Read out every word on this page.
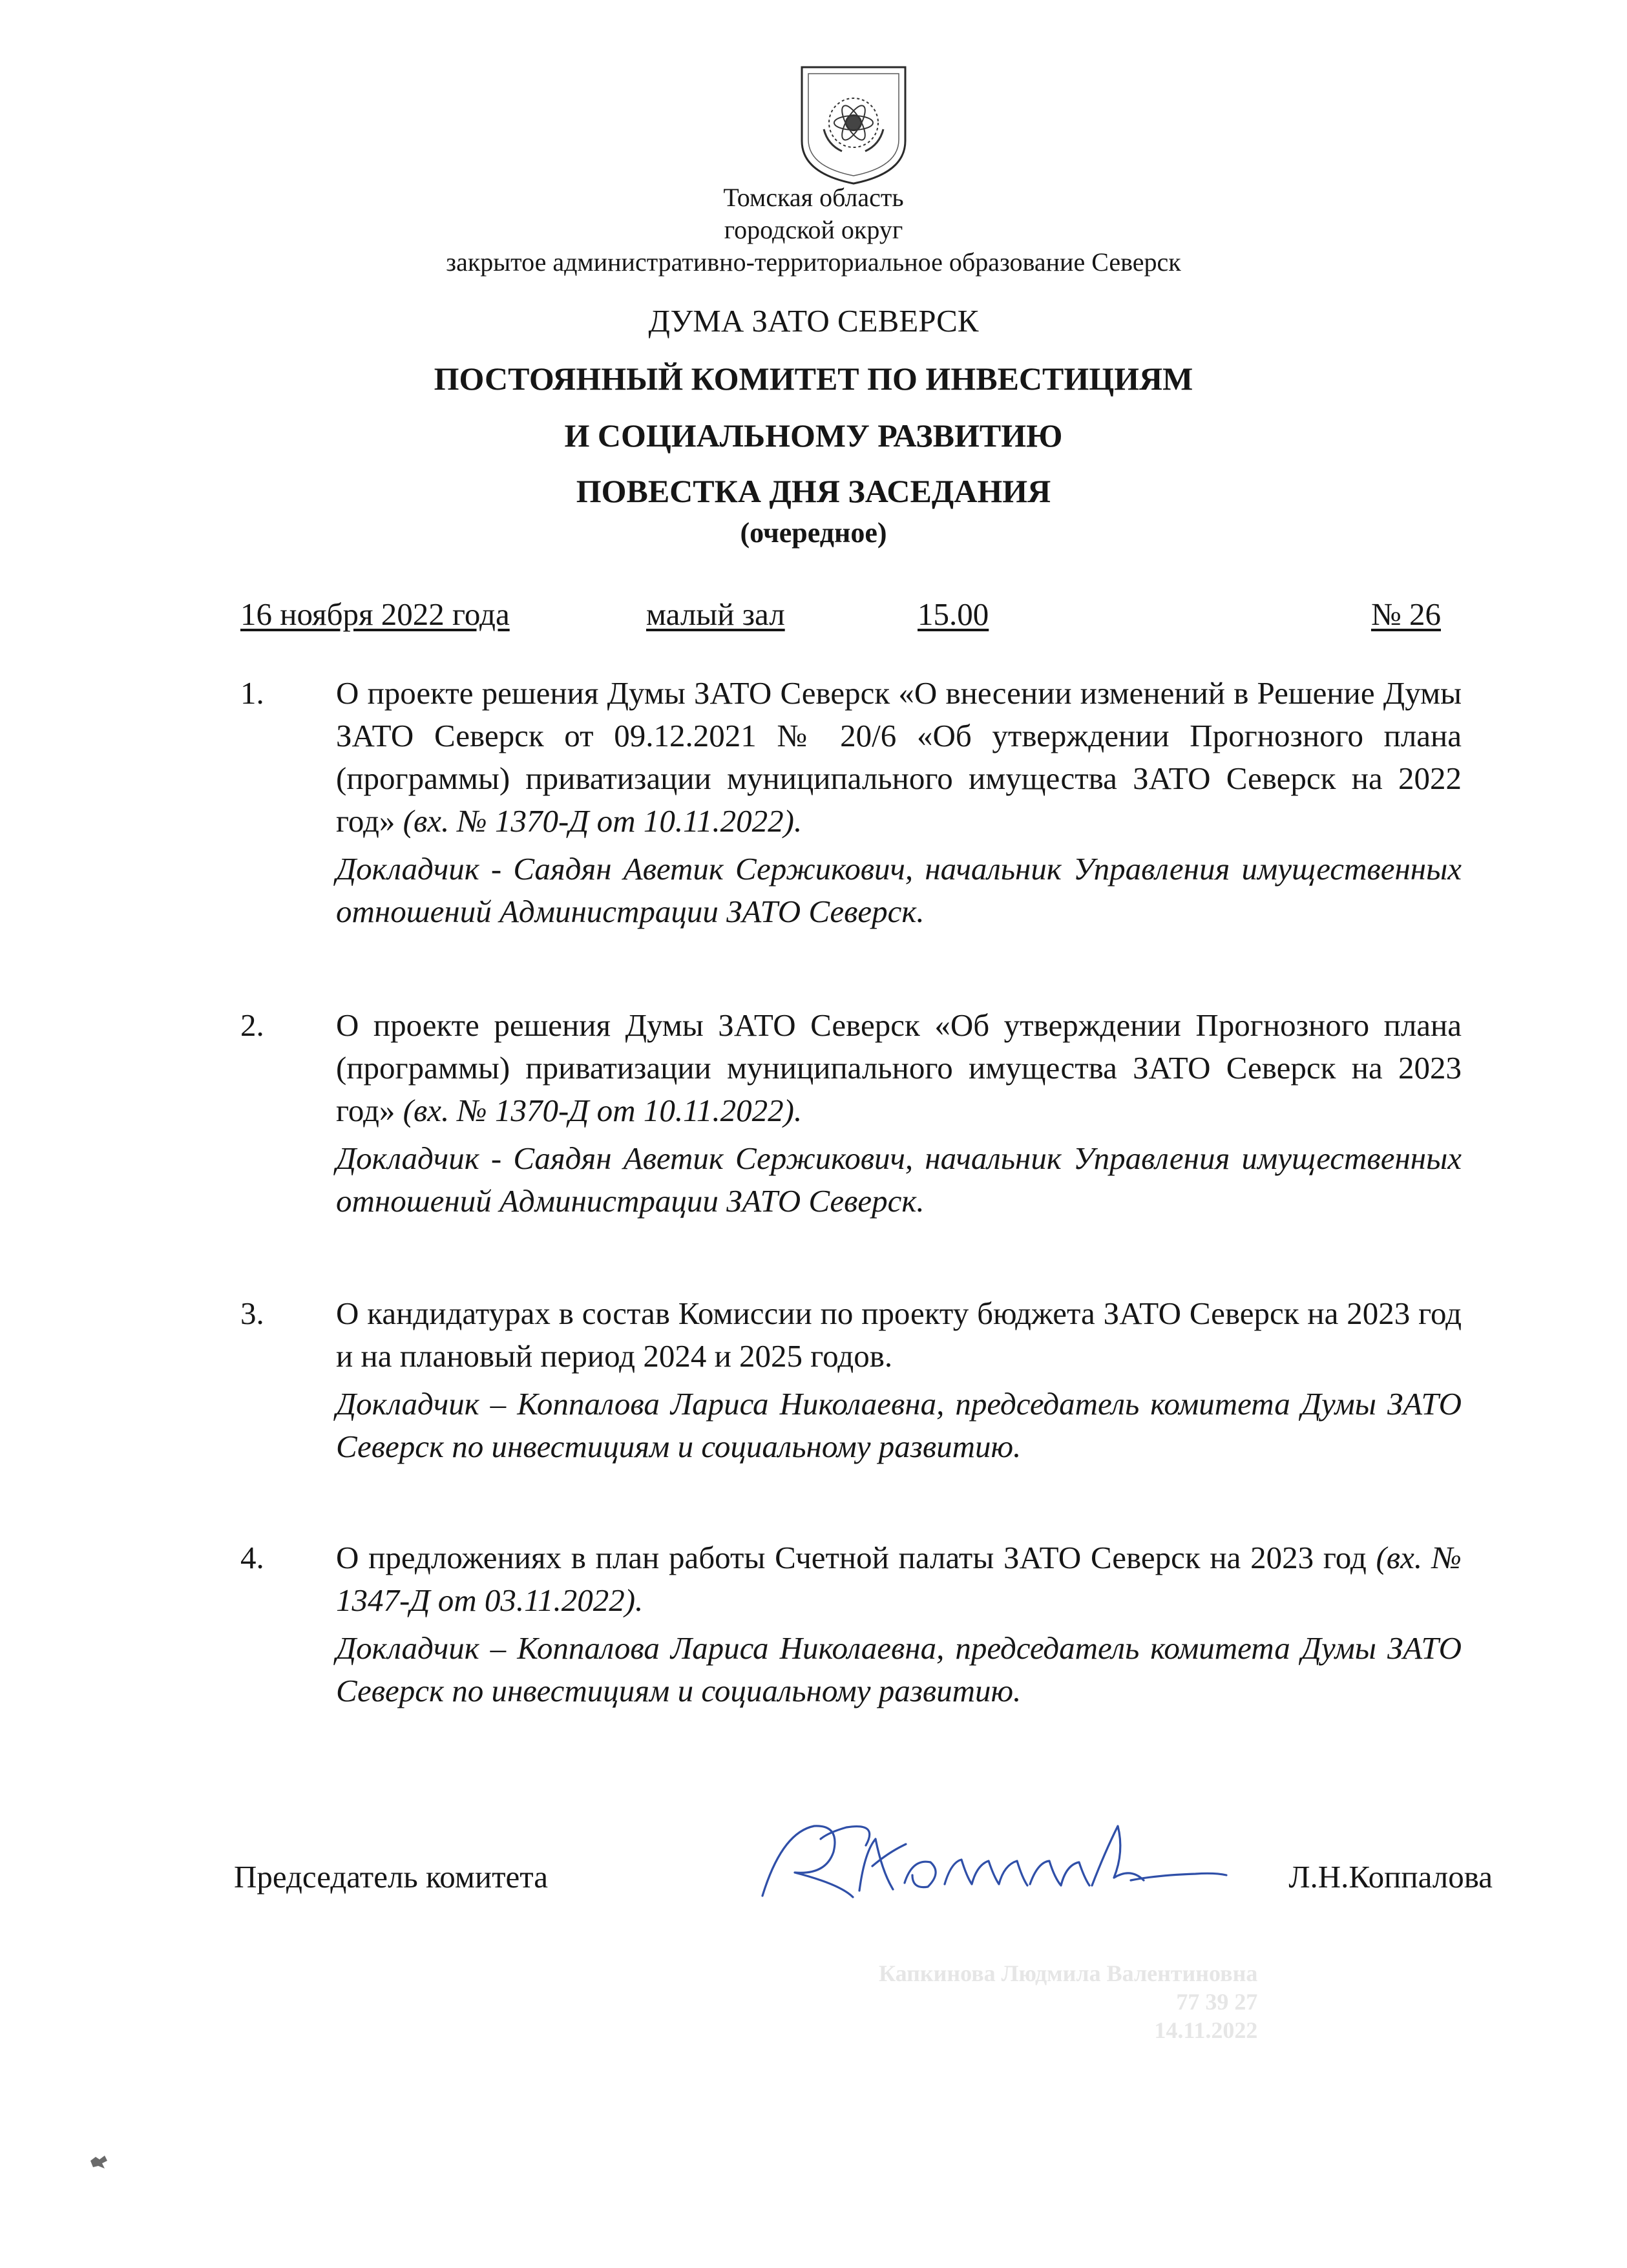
Томская область
городской округ
закрытое административно-территориальное образование Северск
ДУМА ЗАТО СЕВЕРСК
ПОСТОЯННЫЙ КОМИТЕТ ПО ИНВЕСТИЦИЯМ
И СОЦИАЛЬНОМУ РАЗВИТИЮ
ПОВЕСТКА ДНЯ ЗАСЕДАНИЯ
(очередное)
16 ноября 2022 года	малый зал	15.00	№ 26
1. О проекте решения Думы ЗАТО Северск «О внесении изменений в Решение Думы ЗАТО Северск от 09.12.2021 № 20/6 «Об утверждении Прогнозного плана (программы) приватизации муниципального имущества ЗАТО Северск на 2022 год» (вх. № 1370-Д от 10.11.2022).

Докладчик - Саядян Аветик Сержикович, начальник Управления имущественных отношений Администрации ЗАТО Северск.

2. О проекте решения Думы ЗАТО Северск «Об утверждении Прогнозного плана (программы) приватизации муниципального имущества ЗАТО Северск на 2023 год» (вх. № 1370-Д от 10.11.2022).

Докладчик - Саядян Аветик Сержикович, начальник Управления имущественных отношений Администрации ЗАТО Северск.

3. О кандидатурах в состав Комиссии по проекту бюджета ЗАТО Северск на 2023 год и на плановый период 2024 и 2025 годов.

Докладчик – Коппалова Лариса Николаевна, председатель комитета Думы ЗАТО Северск по инвестициям и социальному развитию.

4. О предложениях в план работы Счетной палаты ЗАТО Северск на 2023 год (вх. № 1347-Д от 03.11.2022).

Докладчик – Коппалова Лариса Николаевна, председатель комитета Думы ЗАТО Северск по инвестициям и социальному развитию.

Председатель комитета	Л.Н.Коппалова
Капкинова Людмила Валентиновна
77 39 27
14.11.2022
